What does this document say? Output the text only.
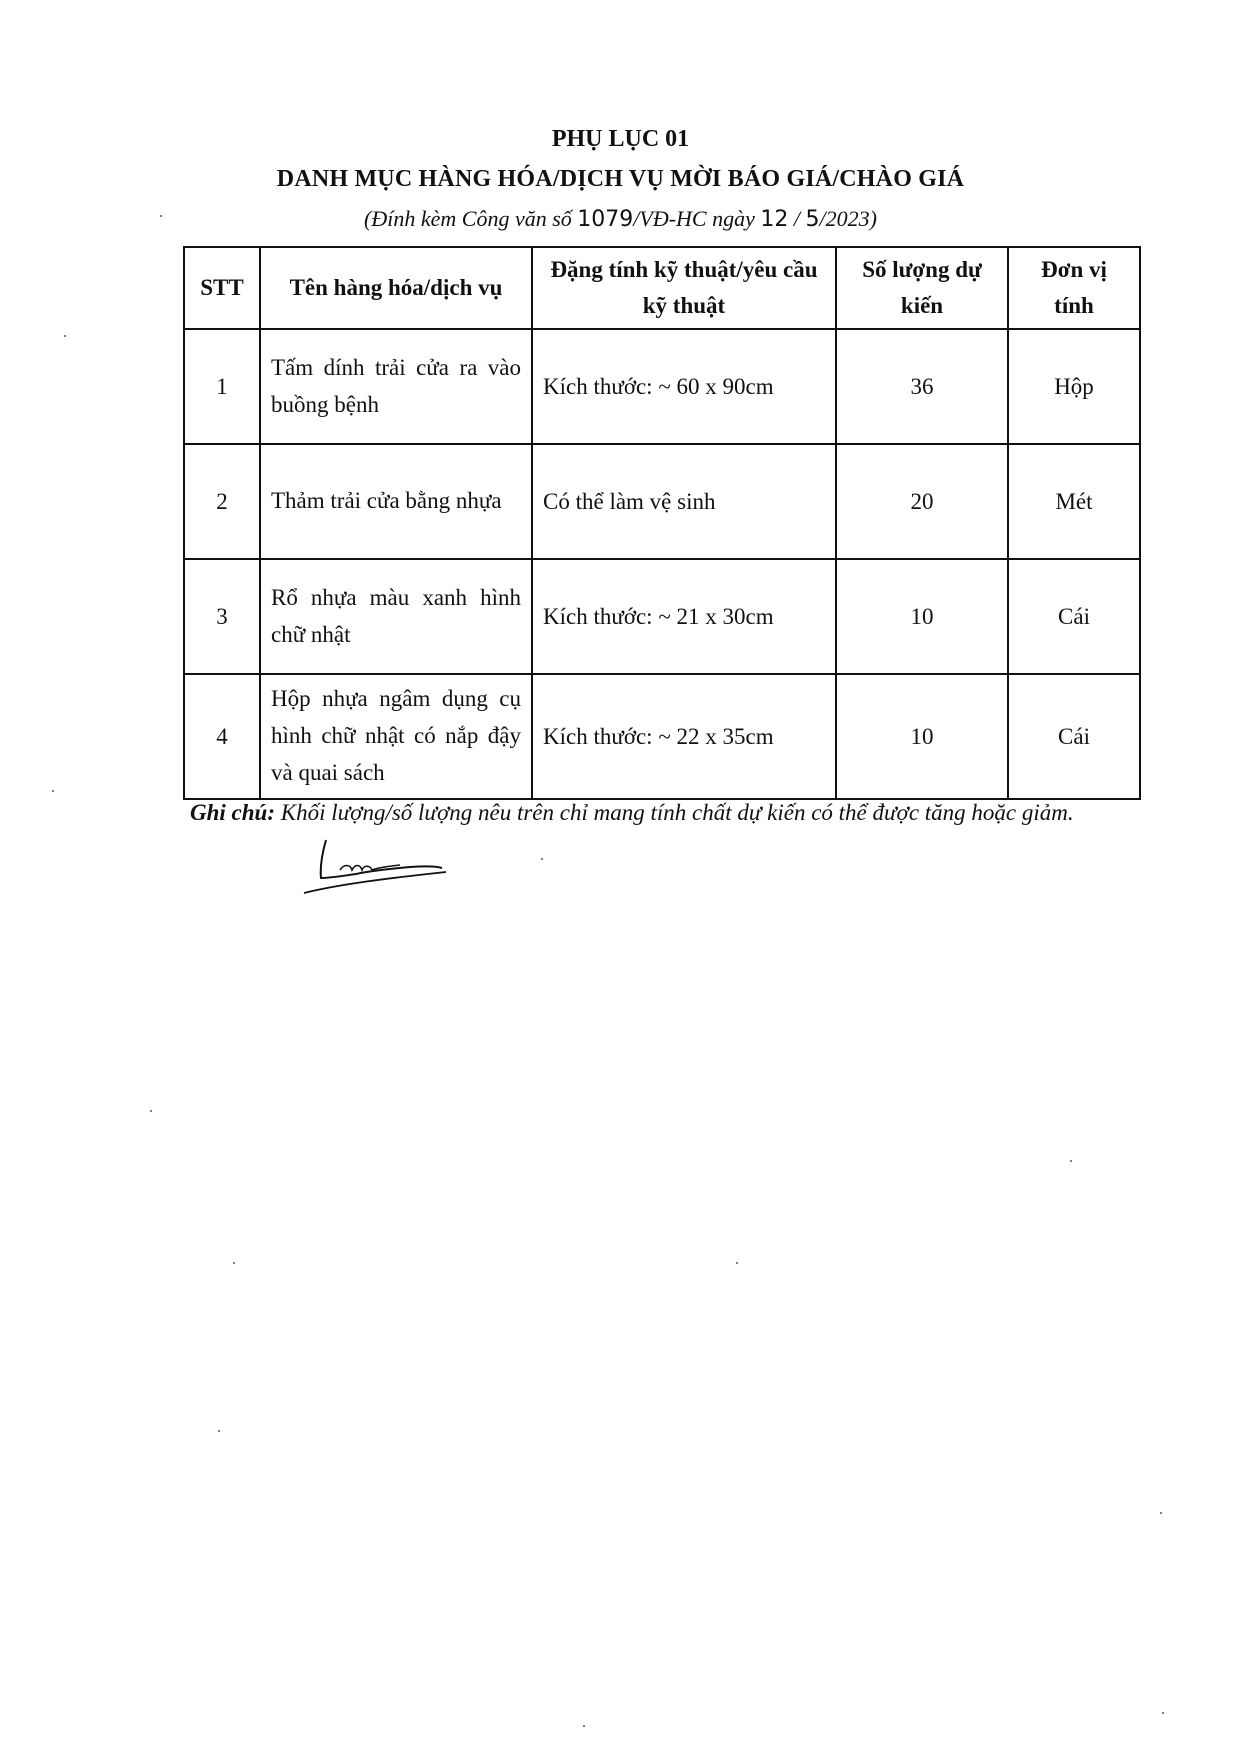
PHỤ LỤC 01
DANH MỤC HÀNG HÓA/DỊCH VỤ MỜI BÁO GIÁ/CHÀO GIÁ
(Đính kèm Công văn số 1079/VĐ-HC ngày 12 / 5/2023)
STT	Tên hàng hóa/dịch vụ	Đặng tính kỹ thuật/yêu cầu kỹ thuật	Số lượng dự kiến	Đơn vị tính
1	Tấm dính trải cửa ra vào buồng bệnh	Kích thước: ~ 60 x 90cm	36	Hộp
2	Thảm trải cửa bằng nhựa	Có thể làm vệ sinh	20	Mét
3	Rổ nhựa màu xanh hình chữ nhật	Kích thước: ~ 21 x 30cm	10	Cái
4	Hộp nhựa ngâm dụng cụ hình chữ nhật có nắp đậy và quai sách	Kích thước: ~ 22 x 35cm	10	Cái
Ghi chú: Khối lượng/số lượng nêu trên chỉ mang tính chất dự kiến có thể được tăng hoặc giảm.
